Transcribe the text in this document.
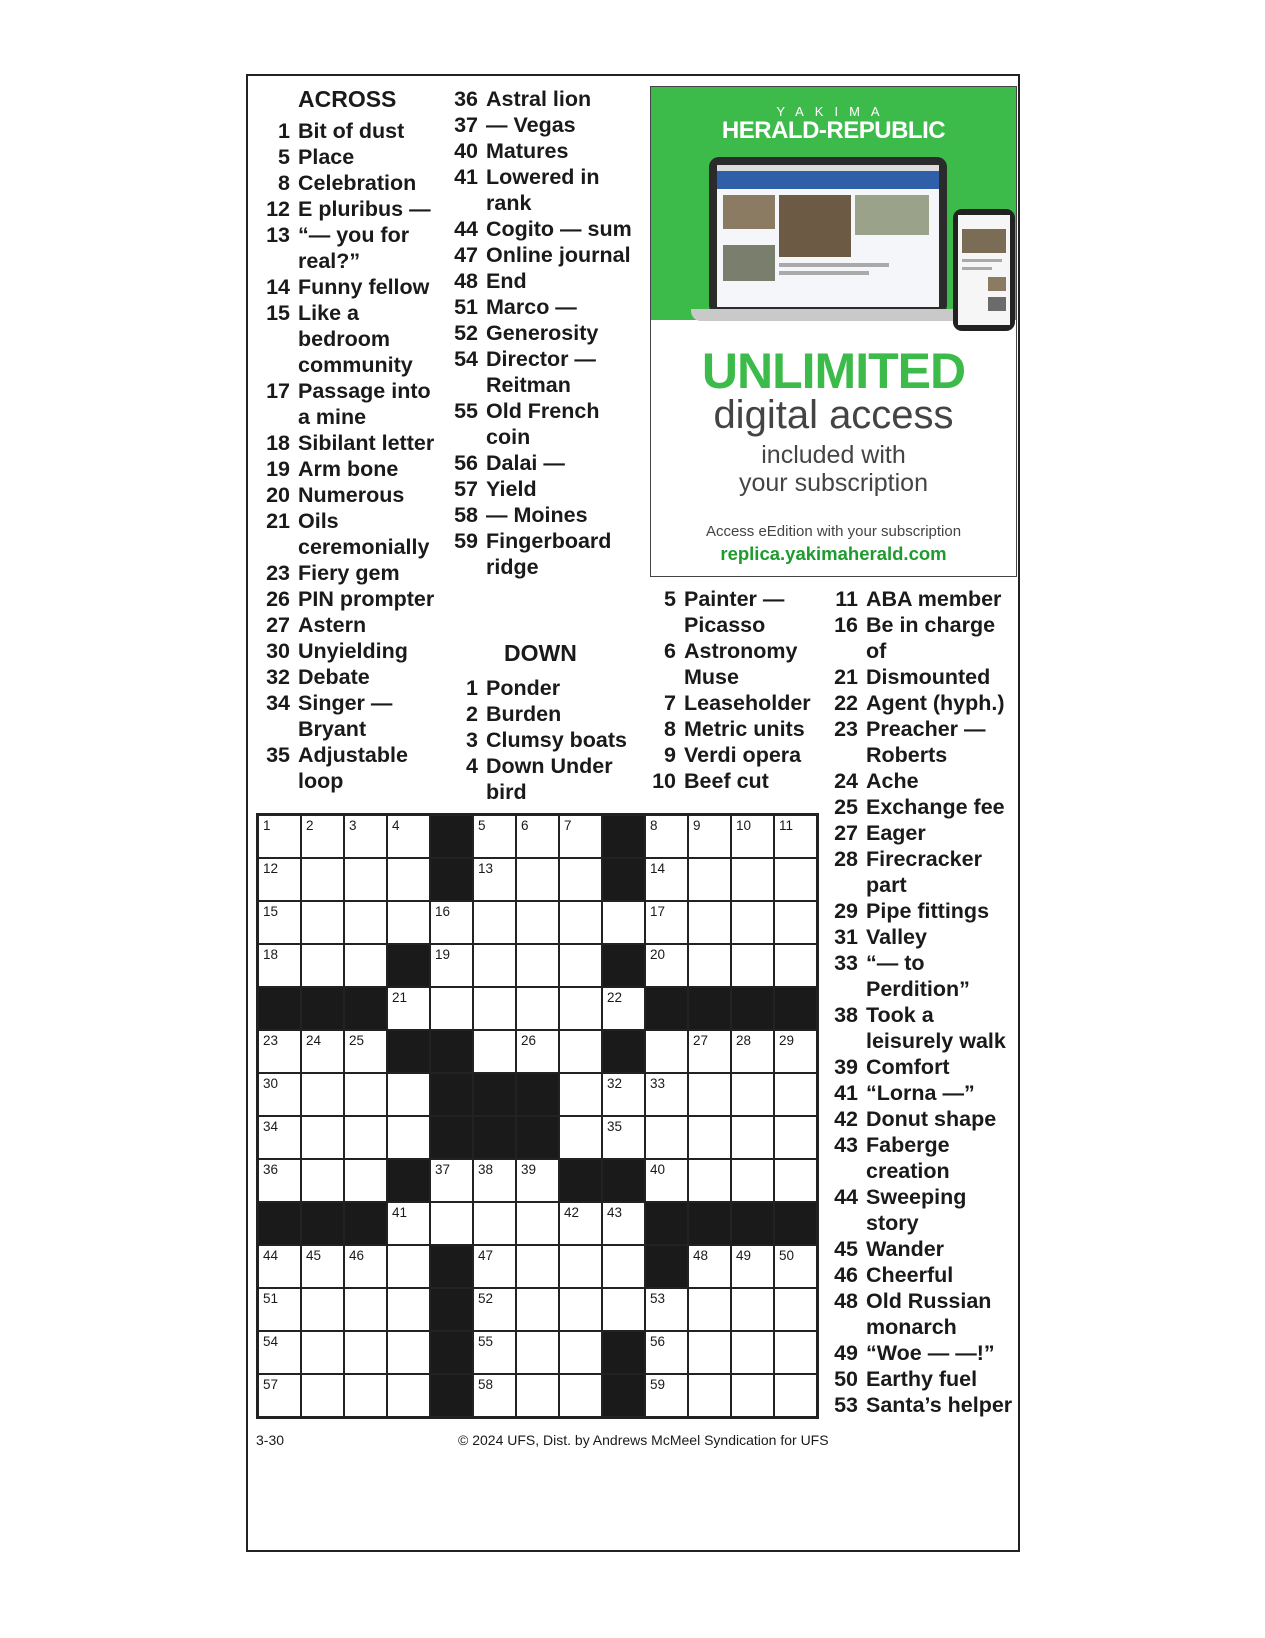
ACROSS
1 Bit of dust
5 Place
8 Celebration
12 E pluribus —
13 “— you for real?”
14 Funny fellow
15 Like a bedroom community
17 Passage into a mine
18 Sibilant letter
19 Arm bone
20 Numerous
21 Oils ceremonially
23 Fiery gem
26 PIN prompter
27 Astern
30 Unyielding
32 Debate
34 Singer — Bryant
35 Adjustable loop
36 Astral lion
37 — Vegas
40 Matures
41 Lowered in rank
44 Cogito — sum
47 Online journal
48 End
51 Marco —
52 Generosity
54 Director — Reitman
55 Old French coin
56 Dalai —
57 Yield
58 — Moines
59 Fingerboard ridge
DOWN
1 Ponder
2 Burden
3 Clumsy boats
4 Down Under bird
5 Painter — Picasso
6 Astronomy Muse
7 Leaseholder
8 Metric units
9 Verdi opera
10 Beef cut
11 ABA member
16 Be in charge of
21 Dismounted
22 Agent (hyph.)
23 Preacher — Roberts
24 Ache
25 Exchange fee
27 Eager
28 Firecracker part
29 Pipe fittings
31 Valley
33 “— to Perdition”
38 Took a leisurely walk
39 Comfort
41 “Lorna —”
42 Donut shape
43 Faberge creation
44 Sweeping story
45 Wander
46 Cheerful
48 Old Russian monarch
49 “Woe — —!”
50 Earthy fuel
53 Santa’s helper
YAKIMA
HERALD-REPUBLIC
UNLIMITED
digital access
included with
your subscription
Access eEdition with your subscription
replica.yakimaherald.com
1	2	3	4	5	6	7	8	9	10 11
12	13	14
15	16	17
18	19	20
21	22
23 24 25	26	27 28 29
30	31	32 33
34	35
36	37 38 39	40
41	42 43
44 45 46	47	48 49 50
51	52	53
54	55	56
57	58	59
3-30	© 2024 UFS, Dist. by Andrews McMeel Syndication for UFS
